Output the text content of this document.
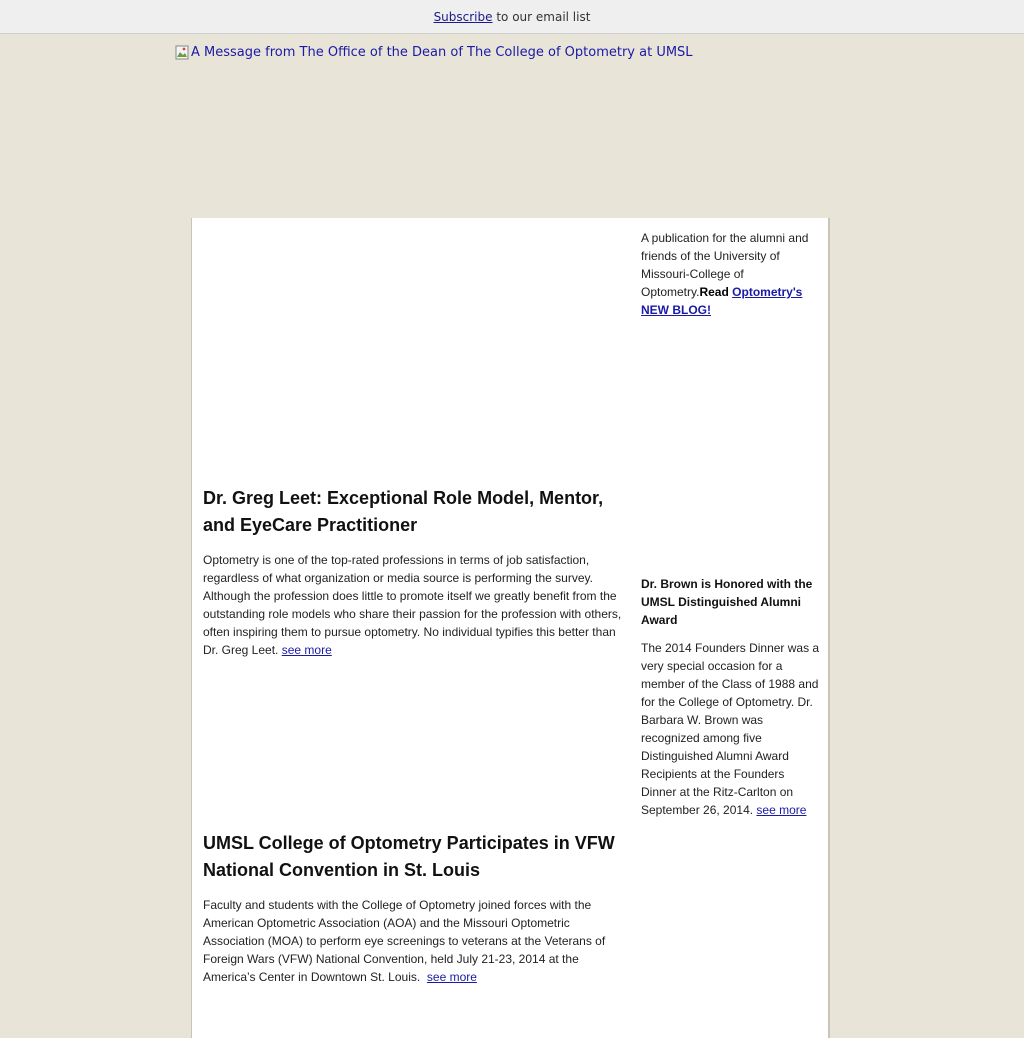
Subscribe to our email list
A Message from The Office of the Dean of The College of Optometry at UMSL
A publication for the alumni and friends of the University of Missouri-College of Optometry.Read Optometry's NEW BLOG!
Dr. Greg Leet: Exceptional Role Model, Mentor, and EyeCare Practitioner

Optometry is one of the top-rated professions in terms of job satisfaction, regardless of what organization or media source is performing the survey. Although the profession does little to promote itself we greatly benefit from the outstanding role models who share their passion for the profession with others, often inspiring them to pursue optometry. No individual typifies this better than Dr. Greg Leet. see more

Dr. Brown is Honored with the UMSL Distinguished Alumni Award

The 2014 Founders Dinner was a very special occasion for a member of the Class of 1988 and for the College of Optometry. Dr. Barbara W. Brown was recognized among five Distinguished Alumni Award Recipients at the Founders Dinner at the Ritz-Carlton on September 26, 2014. see more

UMSL College of Optometry Participates in VFW National Convention in St. Louis

Faculty and students with the College of Optometry joined forces with the American Optometric Association (AOA) and the Missouri Optometric Association (MOA) to perform eye screenings to veterans at the Veterans of Foreign Wars (VFW) National Convention, held July 21-23, 2014 at the America’s Center in Downtown St. Louis. see more
